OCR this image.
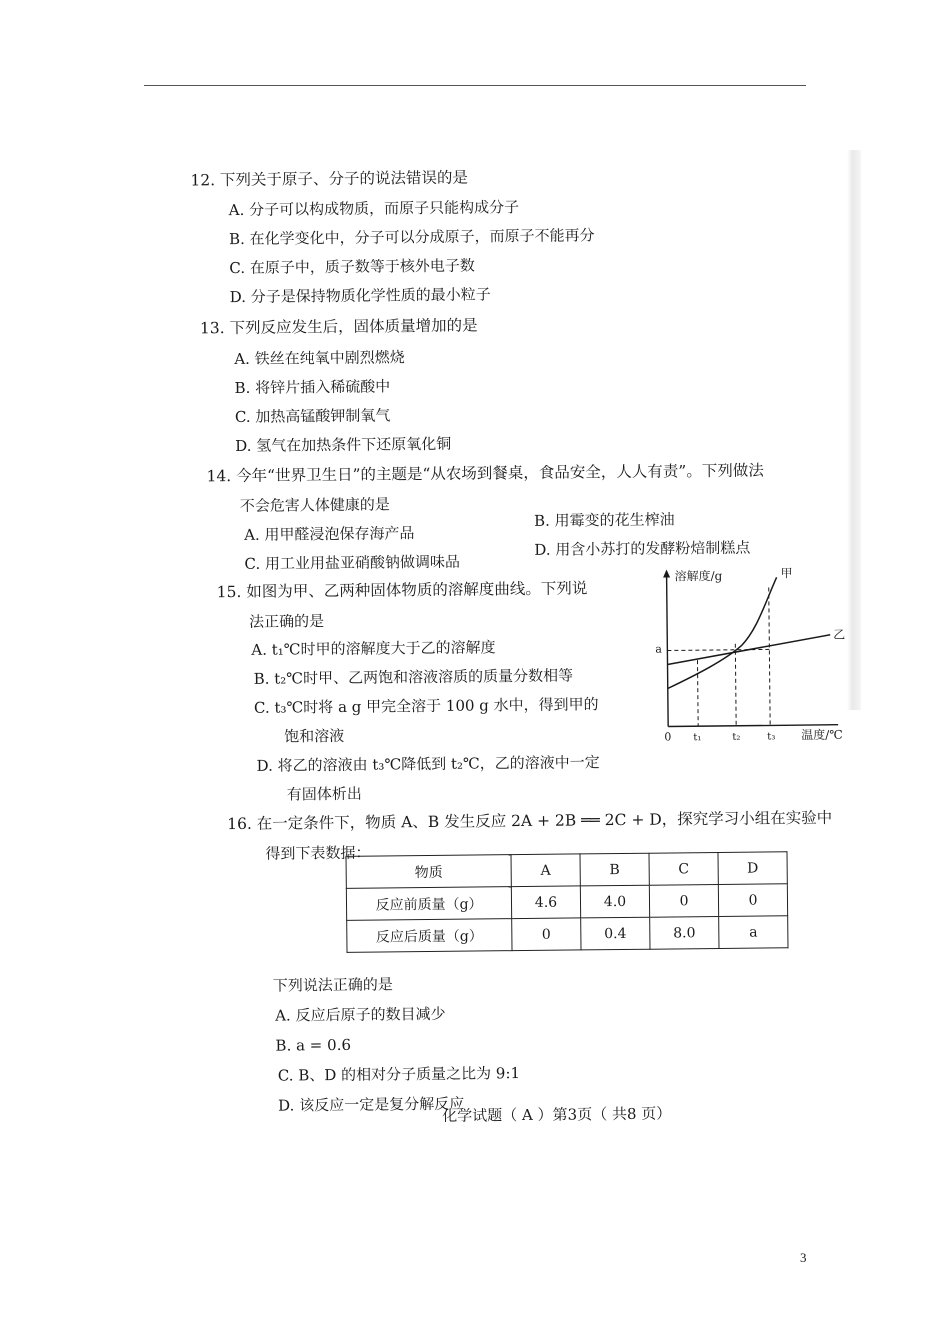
12. 下列关于原子、分子的说法错误的是
A. 分子可以构成物质，而原子只能构成分子
B. 在化学变化中，分子可以分成原子，而原子不能再分
C. 在原子中，质子数等于核外电子数
D. 分子是保持物质化学性质的最小粒子
13. 下列反应发生后，固体质量增加的是
A. 铁丝在纯氧中剧烈燃烧
B. 将锌片插入稀硫酸中
C. 加热高锰酸钾制氧气
D. 氢气在加热条件下还原氧化铜
14. 今年“世界卫生日”的主题是“从农场到餐桌，食品安全，人人有责”。下列做法
不会危害人体健康的是
A. 用甲醛浸泡保存海产品
B. 用霉变的花生榨油
C. 用工业用盐亚硝酸钠做调味品
D. 用含小苏打的发酵粉焙制糕点
15. 如图为甲、乙两种固体物质的溶解度曲线。下列说
法正确的是
A. t₁℃时甲的溶解度大于乙的溶解度
B. t₂℃时甲、乙两饱和溶液溶质的质量分数相等
C. t₃℃时将 a g 甲完全溶于 100 g 水中，得到甲的
饱和溶液
D. 将乙的溶液由 t₃℃降低到 t₂℃，乙的溶液中一定
有固体析出
溶解度/g
0
a
t₁	t₂	t₃ 温度/℃
甲
乙
16. 在一定条件下，物质 A、B 发生反应 2A + 2B ══ 2C + D，探究学习小组在实验中
得到下表数据：
物质	A	B	C	D
反应前质量（g）	4.6	4.0	0	0
反应后质量（g）	0	0.4	8.0	a
下列说法正确的是
A. 反应后原子的数目减少
B. a = 0.6
C. B、D 的相对分子质量之比为 9:1
D. 该反应一定是复分解反应
化学试题（ A ）第3页（ 共8 页）
3
